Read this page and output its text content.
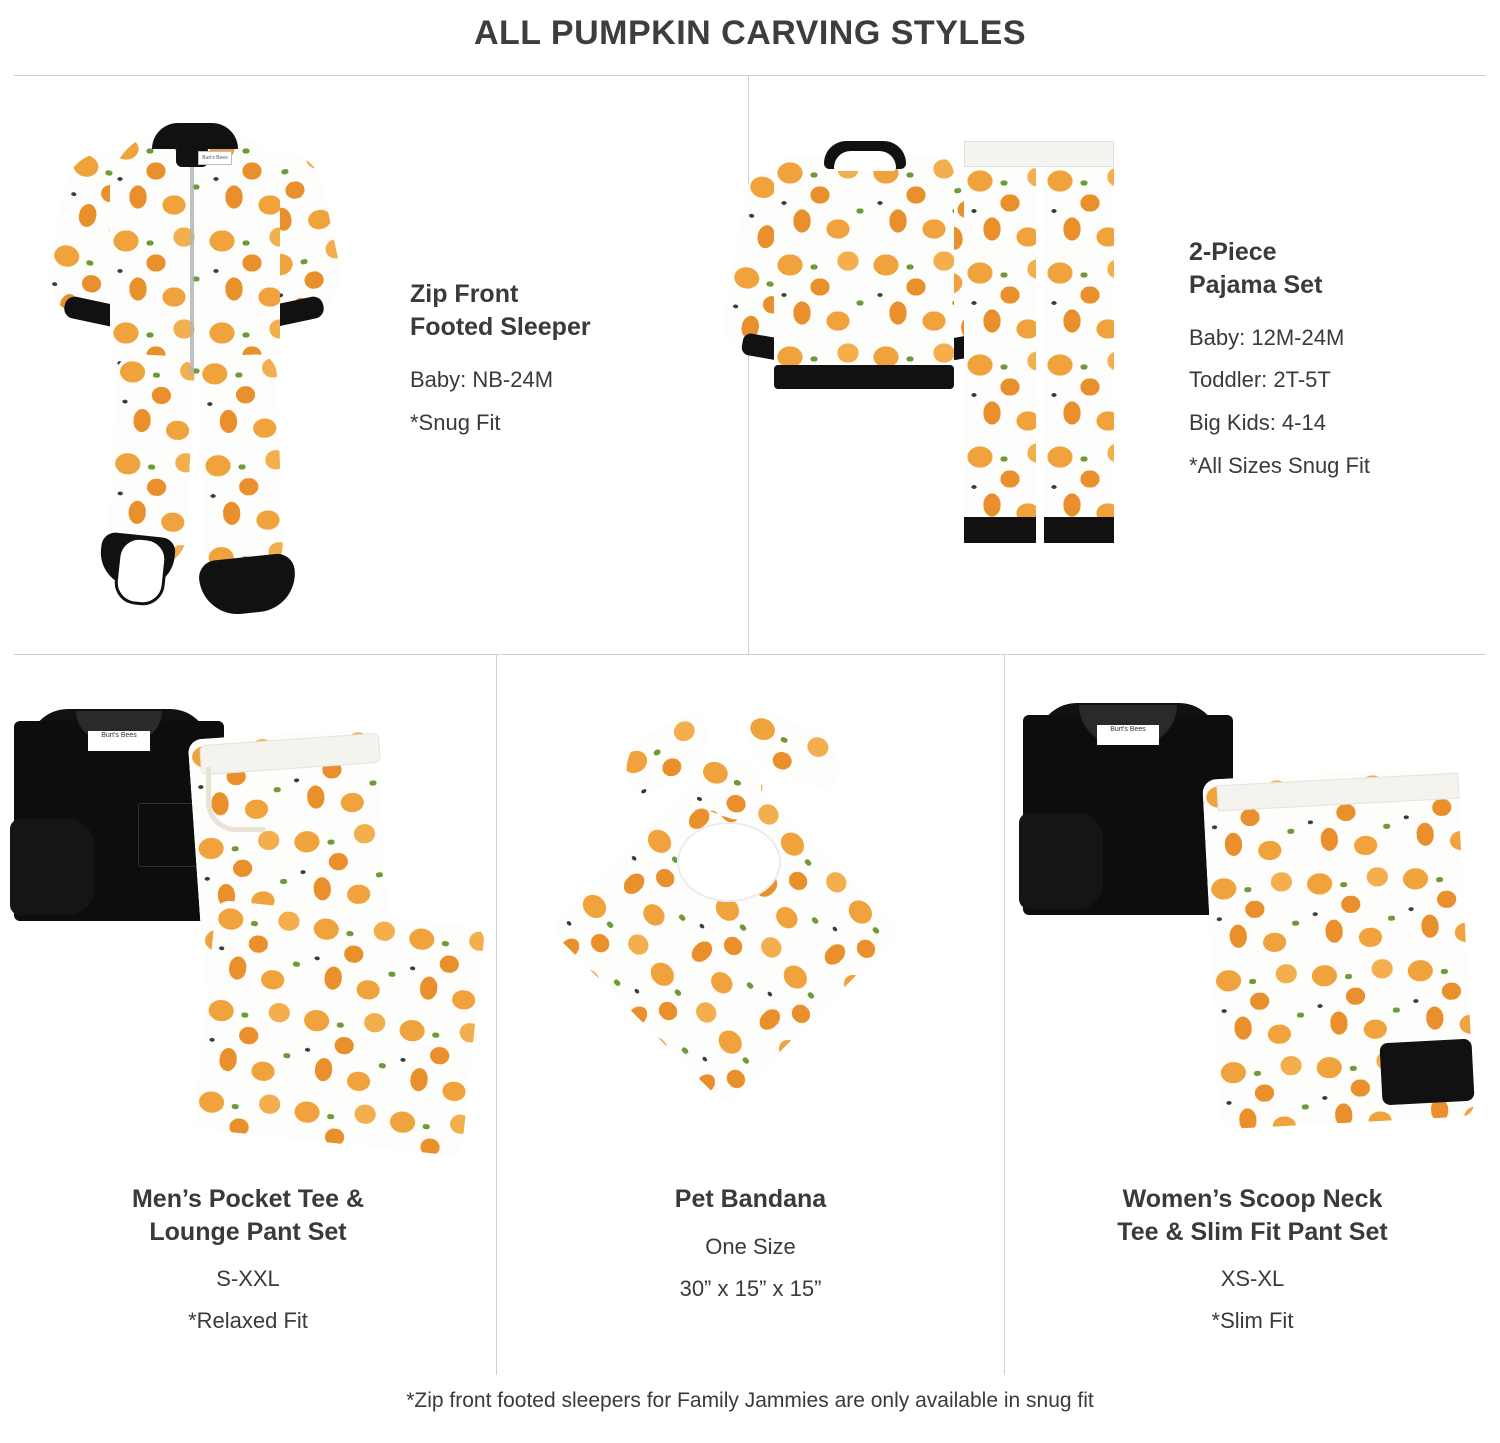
ALL PUMPKIN CARVING STYLES
Burt's Bees
Zip Front
Footed Sleeper

Baby: NB-24M

*Snug Fit

2-Piece
Pajama Set

Baby: 12M-24M

Toddler: 2T-5T

Big Kids: 4-14

*All Sizes Snug Fit

Burt's Bees
Men’s Pocket Tee &
Lounge Pant Set

S-XXL

*Relaxed Fit

Pet Bandana

One Size

30” x 15” x 15”

Burt's Bees
Women’s Scoop Neck
Tee & Slim Fit Pant Set

XS-XL

*Slim Fit

*Zip front footed sleepers for Family Jammies are only available in snug fit
